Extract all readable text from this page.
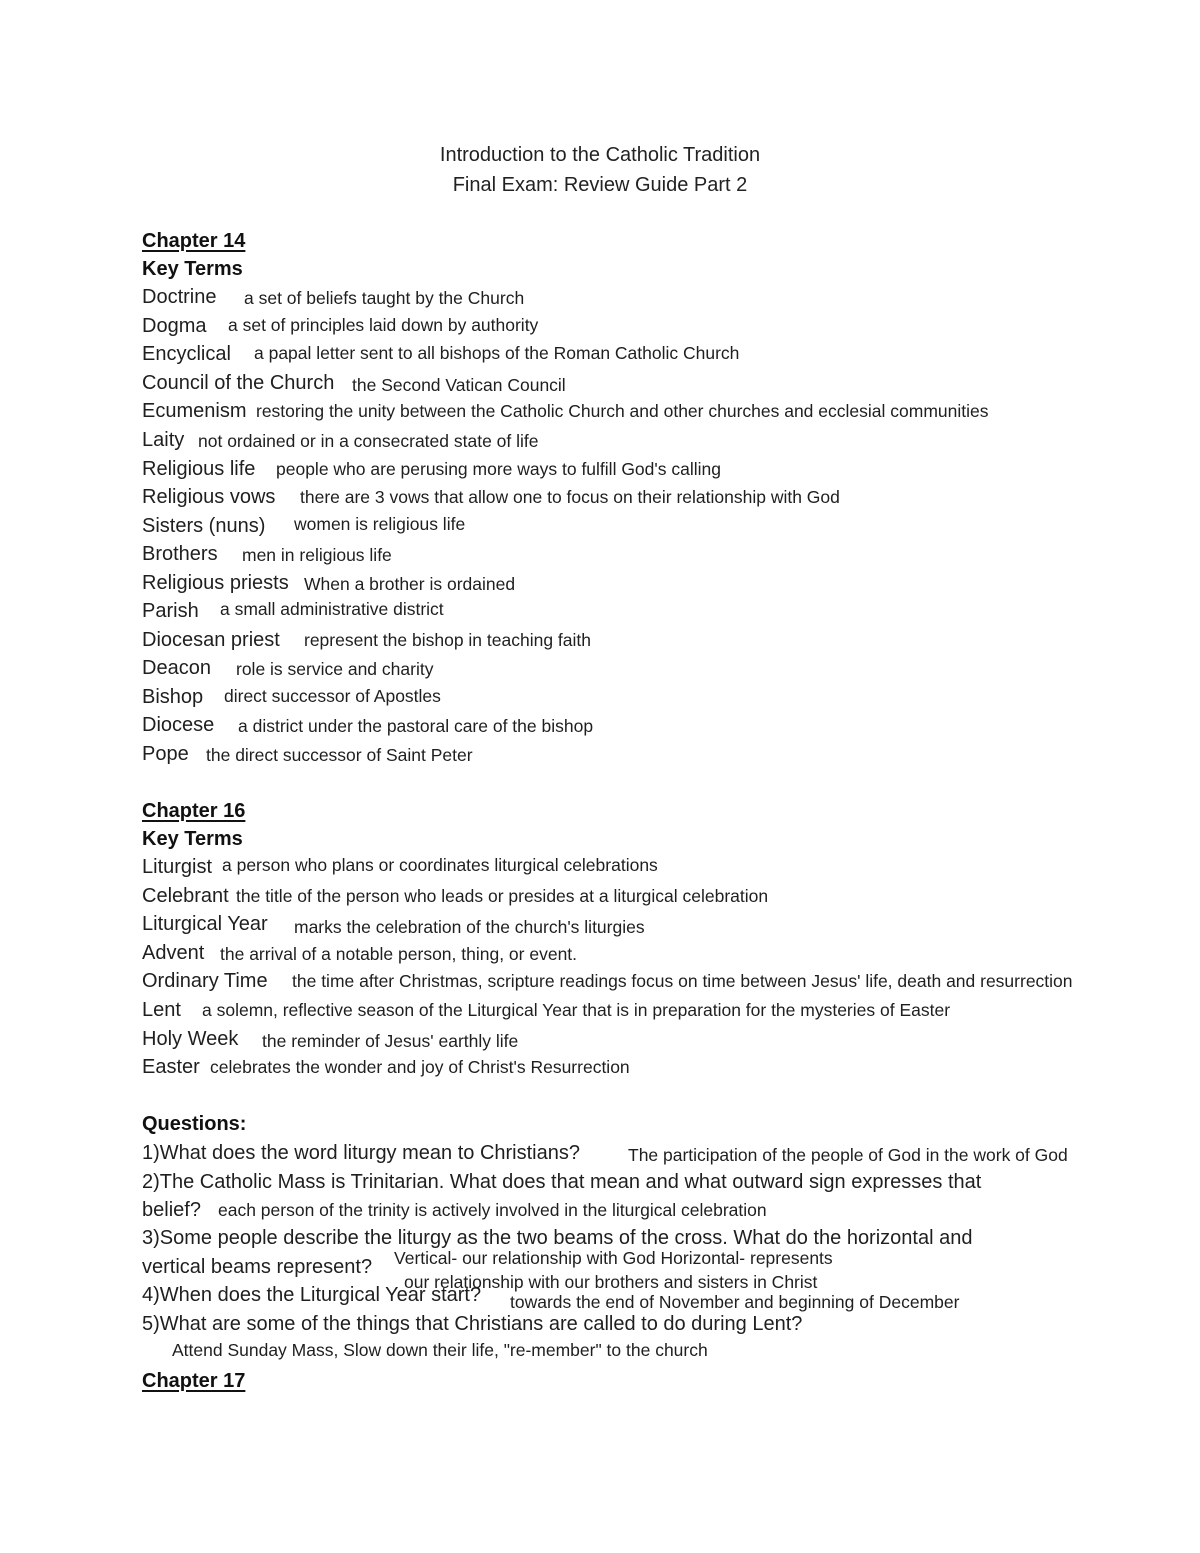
Introduction to the Catholic Tradition
Final Exam: Review Guide Part 2
Chapter 14
Key Terms
Doctrine a set of beliefs taught by the Church
Dogma a set of principles laid down by authority
Encyclical a papal letter sent to all bishops of the Roman Catholic Church
Council of the Church the Second Vatican Council
Ecumenism restoring the unity between the Catholic Church and other churches and ecclesial communities
Laity not ordained or in a consecrated state of life
Religious life people who are perusing more ways to fulfill God's calling
Religious vows there are 3 vows that allow one to focus on their relationship with God
Sisters (nuns) women is religious life
Brothers men in religious life
Religious priests When a brother is ordained
Parish a small administrative district
Diocesan priest represent the bishop in teaching faith
Deacon role is service and charity
Bishop direct successor of Apostles
Diocese a district under the pastoral care of the bishop
Pope the direct successor of Saint Peter
Chapter 16
Key Terms
Liturgist a person who plans or coordinates liturgical celebrations
Celebrant the title of the person who leads or presides at a liturgical celebration
Liturgical Year marks the celebration of the church's liturgies
Advent the arrival of a notable person, thing, or event.
Ordinary Time the time after Christmas, scripture readings focus on time between Jesus' life, death and resurrection
Lent a solemn, reflective season of the Liturgical Year that is in preparation for the mysteries of Easter
Holy Week the reminder of Jesus' earthly life
Easter celebrates the wonder and joy of Christ's Resurrection
Questions:
1)What does the word liturgy mean to Christians?	The participation of the people of God in the work of God
2)The Catholic Mass is Trinitarian. What does that mean and what outward sign expresses that
belief? each person of the trinity is actively involved in the liturgical celebration
3)Some people describe the liturgy as the two beams of the cross. What do the horizontal and
vertical beams represent? Vertical- our relationship with God Horizontal- represents
our relationship with our brothers and sisters in Christ
4)When does the Liturgical Year start? towards the end of November and beginning of December
5)What are some of the things that Christians are called to do during Lent?
Attend Sunday Mass, Slow down their life, "re-member" to the church
Chapter 17
